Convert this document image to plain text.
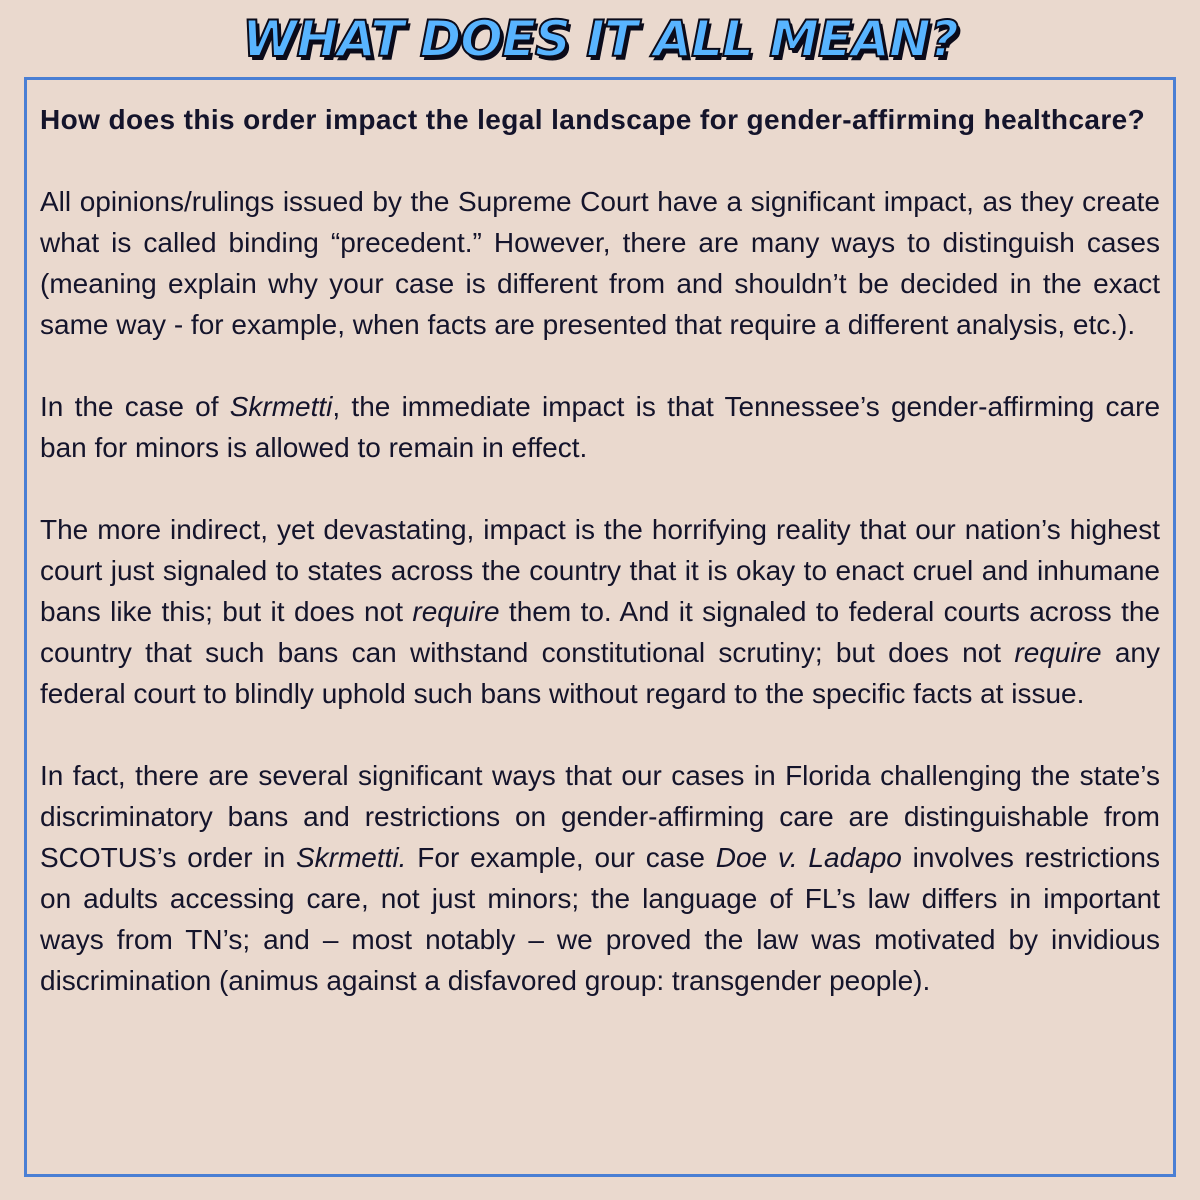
WHAT DOES IT ALL MEAN?

How does this order impact the legal landscape for gender-affirming healthcare?

All opinions/rulings issued by the Supreme Court have a significant impact, as they create what is called binding “precedent.” However, there are many ways to distinguish cases (meaning explain why your case is different from and shouldn’t be decided in the exact same way - for example, when facts are presented that require a different analysis, etc.).

In the case of Skrmetti, the immediate impact is that Tennessee’s gender-affirming care ban for minors is allowed to remain in effect.

The more indirect, yet devastating, impact is the horrifying reality that our nation’s highest court just signaled to states across the country that it is okay to enact cruel and inhumane bans like this; but it does not require them to. And it signaled to federal courts across the country that such bans can withstand constitutional scrutiny; but does not require any federal court to blindly uphold such bans without regard to the specific facts at issue.

In fact, there are several significant ways that our cases in Florida challenging the state’s discriminatory bans and restrictions on gender-affirming care are distinguishable from SCOTUS’s order in Skrmetti. For example, our case Doe v. Ladapo involves restrictions on adults accessing care, not just minors; the language of FL’s law differs in important ways from TN’s; and – most notably – we proved the law was motivated by invidious discrimination (animus against a disfavored group: transgender people).
